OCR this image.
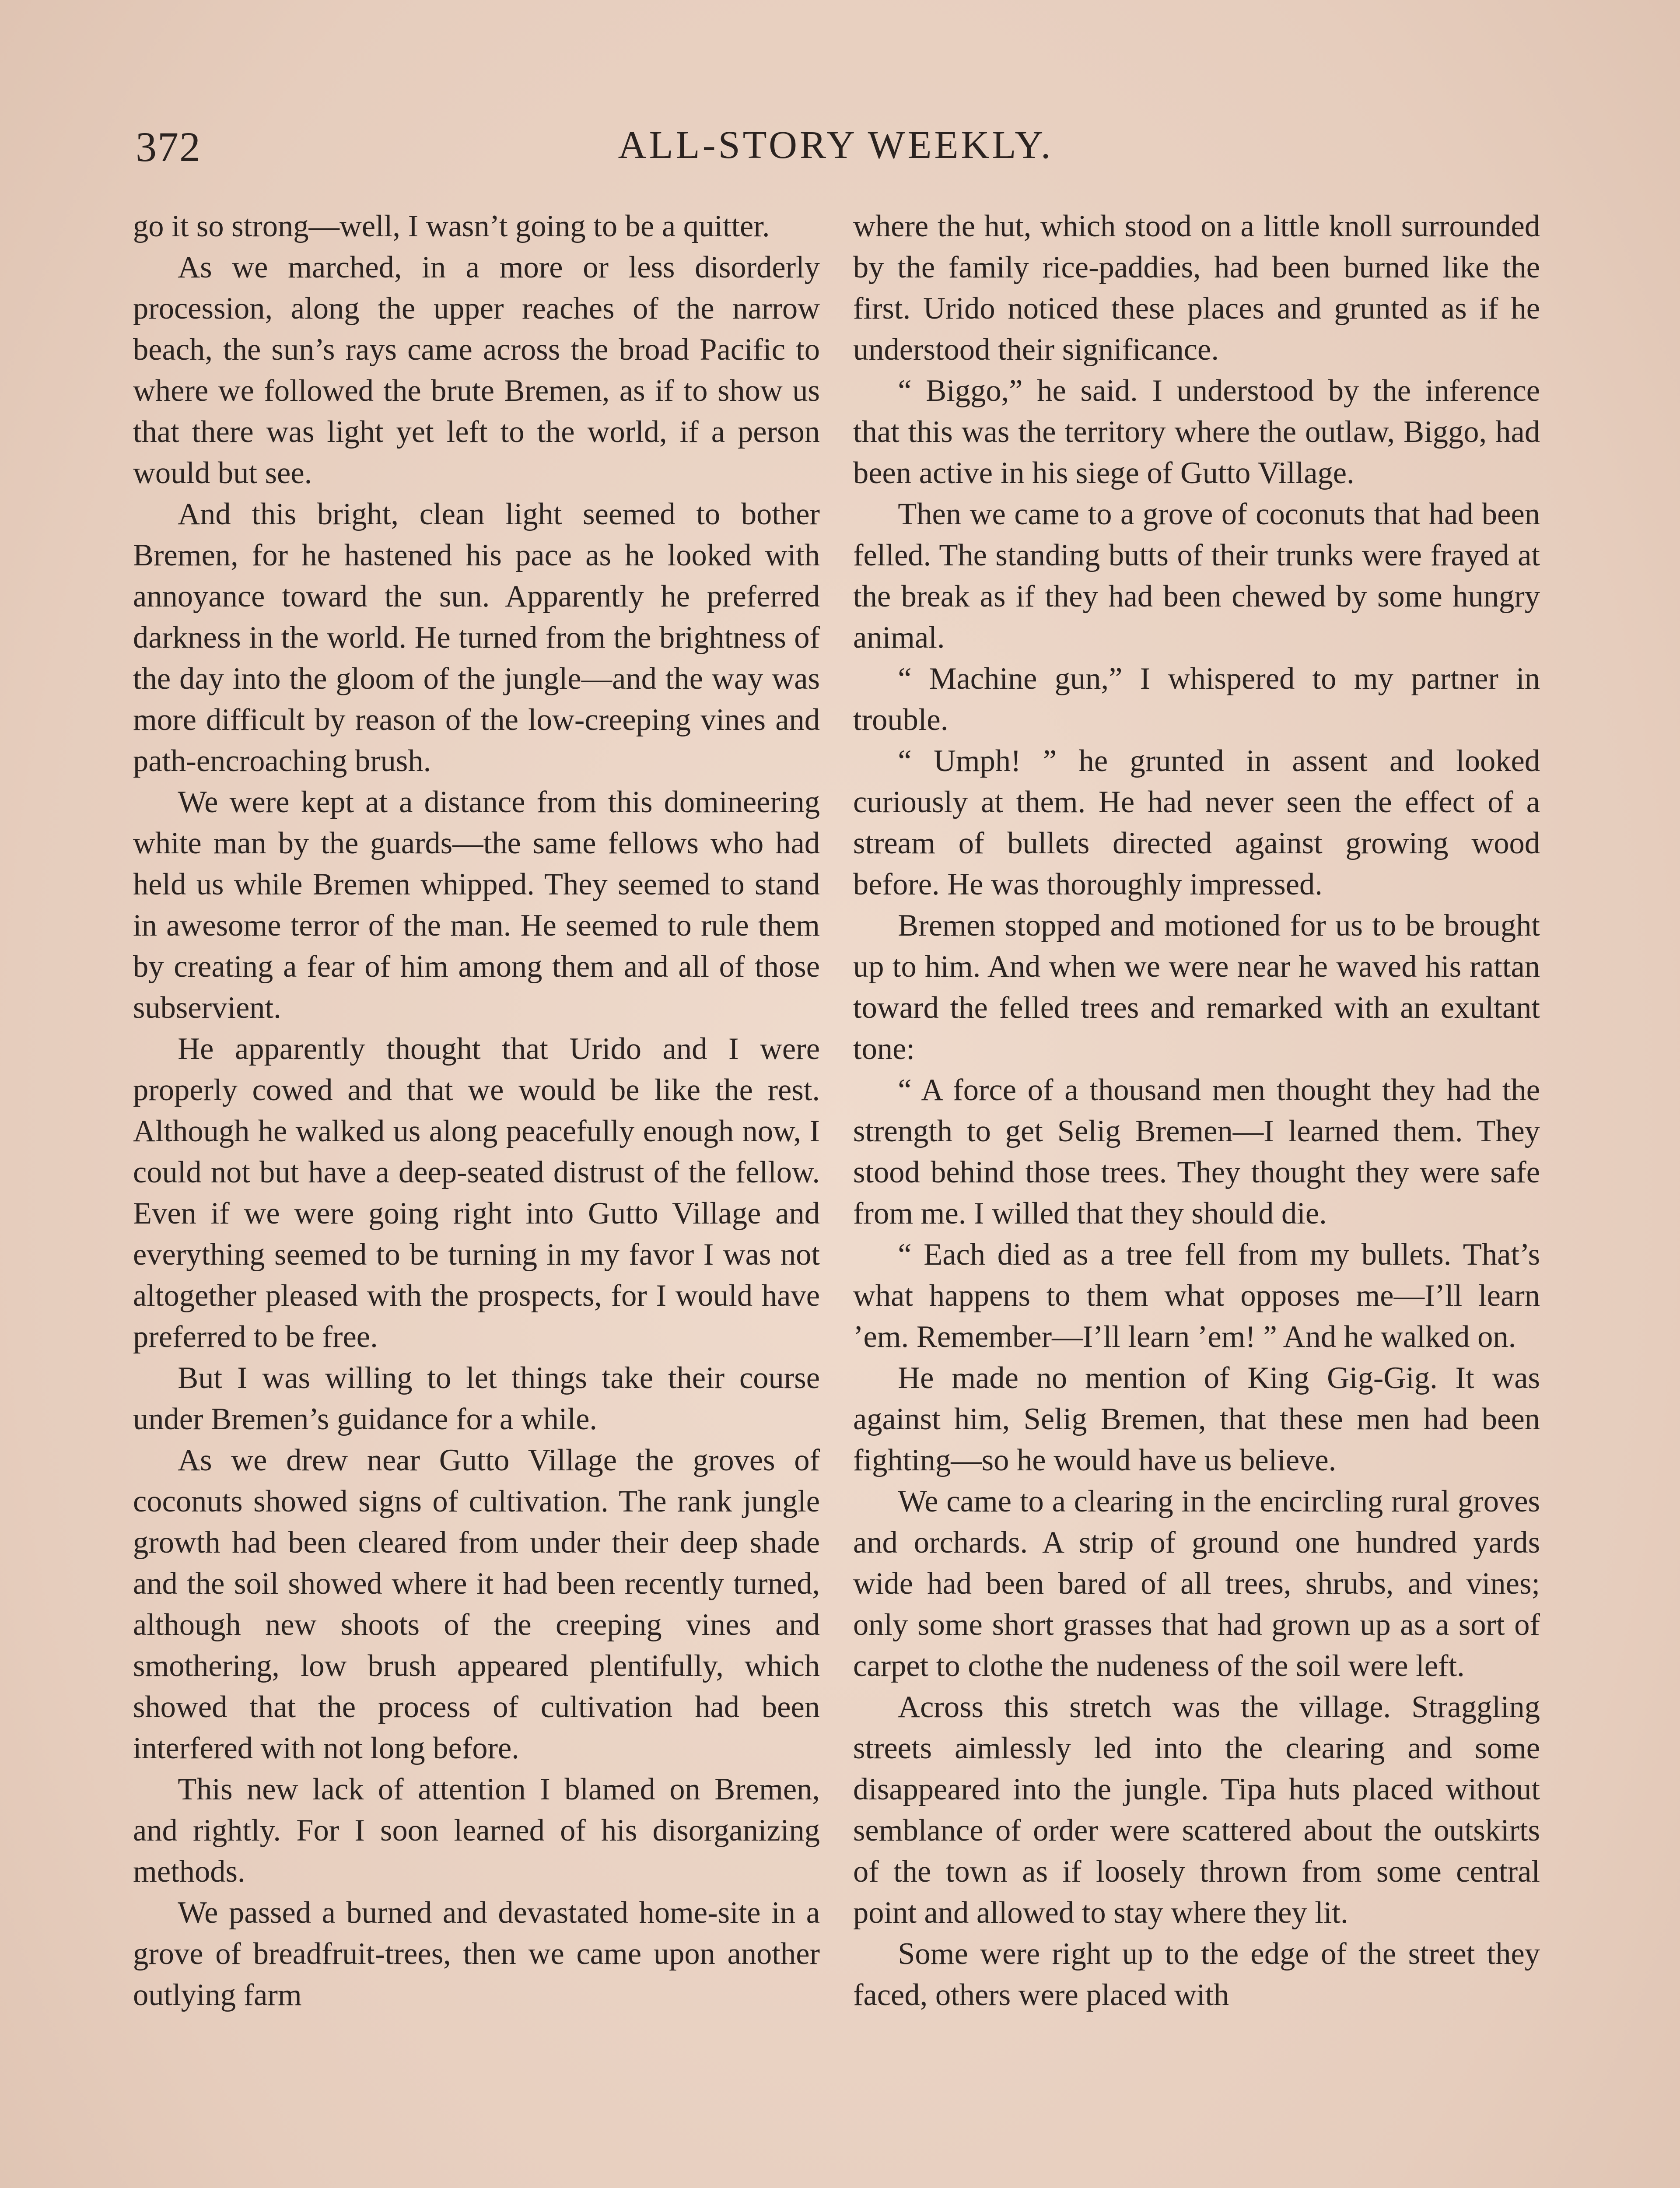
372	ALL-STORY WEEKLY.

go it so strong—well, I wasn’t going to be a quitter.

As we marched, in a more or less disorderly procession, along the upper reaches of the narrow beach, the sun’s rays came across the broad Pacific to where we followed the brute Bremen, as if to show us that there was light yet left to the world, if a person would but see.

And this bright, clean light seemed to bother Bremen, for he hastened his pace as he looked with annoyance toward the sun. Apparently he preferred darkness in the world. He turned from the brightness of the day into the gloom of the jungle—and the way was more difficult by reason of the low-creeping vines and path-encroaching brush.

We were kept at a distance from this domineering white man by the guards—the same fellows who had held us while Bremen whipped. They seemed to stand in awesome terror of the man. He seemed to rule them by creating a fear of him among them and all of those subservient.

He apparently thought that Urido and I were properly cowed and that we would be like the rest. Although he walked us along peacefully enough now, I could not but have a deep-seated distrust of the fellow. Even if we were going right into Gutto Village and everything seemed to be turning in my favor I was not altogether pleased with the prospects, for I would have preferred to be free.

But I was willing to let things take their course under Bremen’s guidance for a while.

As we drew near Gutto Village the groves of coconuts showed signs of cultivation. The rank jungle growth had been cleared from under their deep shade and the soil showed where it had been recently turned, although new shoots of the creeping vines and smothering, low brush appeared plentifully, which showed that the process of cultivation had been interfered with not long before.

This new lack of attention I blamed on Bremen, and rightly. For I soon learned of his disorganizing methods.

We passed a burned and devastated home-site in a grove of breadfruit-trees, then we came upon another outlying farm

where the hut, which stood on a little knoll surrounded by the family rice-paddies, had been burned like the first. Urido noticed these places and grunted as if he understood their significance.

“ Biggo,” he said. I understood by the inference that this was the territory where the outlaw, Biggo, had been active in his siege of Gutto Village.

Then we came to a grove of coconuts that had been felled. The standing butts of their trunks were frayed at the break as if they had been chewed by some hungry animal.

“ Machine gun,” I whispered to my partner in trouble.

“ Umph! ” he grunted in assent and looked curiously at them. He had never seen the effect of a stream of bullets directed against growing wood before. He was thoroughly impressed.

Bremen stopped and motioned for us to be brought up to him. And when we were near he waved his rattan toward the felled trees and remarked with an exultant tone:

“ A force of a thousand men thought they had the strength to get Selig Bremen—I learned them. They stood behind those trees. They thought they were safe from me. I willed that they should die.

“ Each died as a tree fell from my bullets. That’s what happens to them what opposes me—I’ll learn ’em. Remember—I’ll learn ’em! ” And he walked on.

He made no mention of King Gig-Gig. It was against him, Selig Bremen, that these men had been fighting—so he would have us believe.

We came to a clearing in the encircling rural groves and orchards. A strip of ground one hundred yards wide had been bared of all trees, shrubs, and vines; only some short grasses that had grown up as a sort of carpet to clothe the nudeness of the soil were left.

Across this stretch was the village. Straggling streets aimlessly led into the clearing and some disappeared into the jungle. Tipa huts placed without semblance of order were scattered about the outskirts of the town as if loosely thrown from some central point and allowed to stay where they lit.

Some were right up to the edge of the street they faced, others were placed with
